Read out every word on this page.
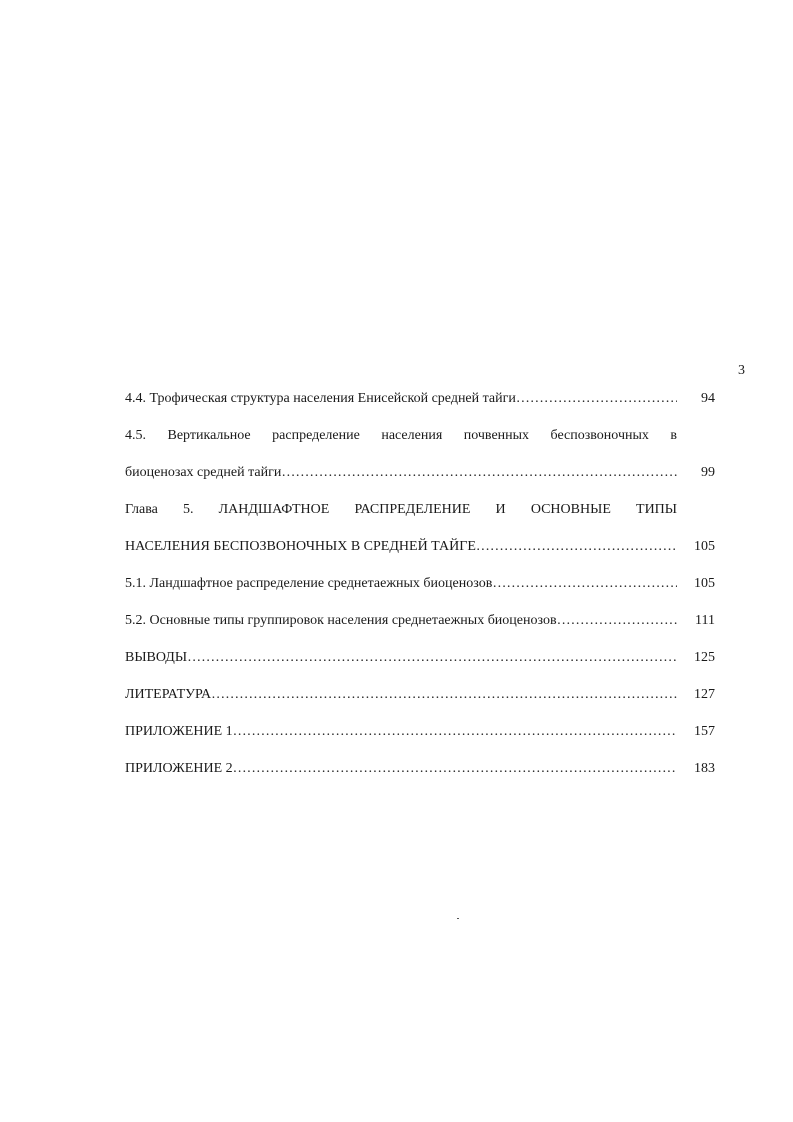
3
4.4. Трофическая структура населения Енисейской средней тайги ……………………………………………………………………………………………………………………………………………………………………………………………	94
4.5. Вертикальное распределение населения почвенных беспозвоночных в
биоценозах средней тайги ……………………………………………………………………………………………………………………………………………………………………………………………	99
Глава 5. ЛАНДШАФТНОЕ РАСПРЕДЕЛЕНИЕ И ОСНОВНЫЕ ТИПЫ
НАСЕЛЕНИЯ БЕСПОЗВОНОЧНЫХ В СРЕДНЕЙ ТАЙГЕ ……………………………………………………………………………………………………………………………………………………………………………………………	105
5.1. Ландшафтное распределение среднетаежных биоценозов ……………………………………………………………………………………………………………………………………………………………………………………………	105
5.2. Основные типы группировок населения среднетаежных биоценозов ……………………………………………………………………………………………………………………………………………………………………………………………	111
ВЫВОДЫ ……………………………………………………………………………………………………………………………………………………………………………………………	125
ЛИТЕРАТУРА ……………………………………………………………………………………………………………………………………………………………………………………………	127
ПРИЛОЖЕНИЕ 1 ……………………………………………………………………………………………………………………………………………………………………………………………	157
ПРИЛОЖЕНИЕ 2 ……………………………………………………………………………………………………………………………………………………………………………………………	183
